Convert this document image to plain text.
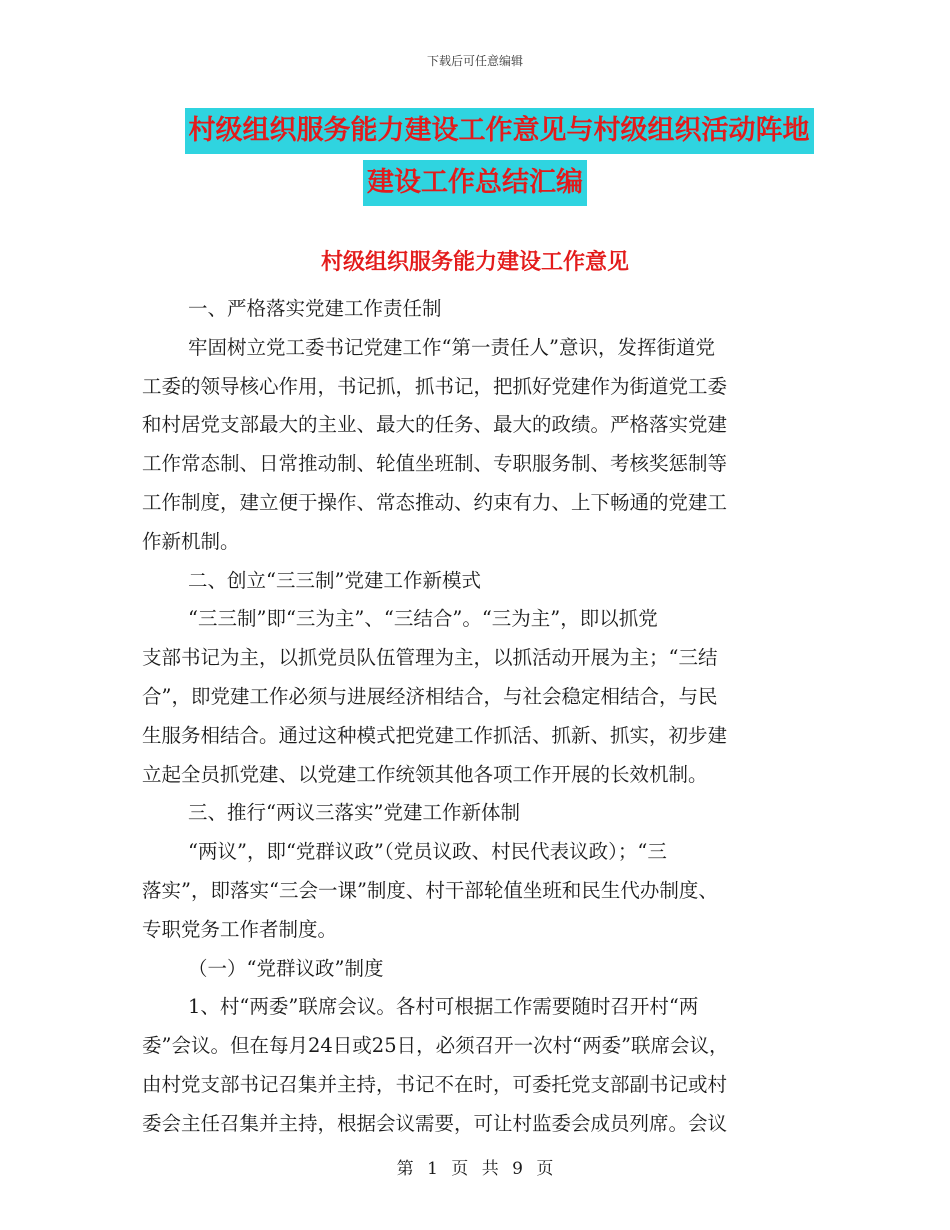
下载后可任意编辑
村级组织服务能力建设工作意见与村级组织活动阵地
建设工作总结汇编
村级组织服务能力建设工作意见
一、严格落实党建工作责任制
牢固树立党工委书记党建工作“第一责任人”意识，发挥街道党
工委的领导核心作用，书记抓，抓书记，把抓好党建作为街道党工委
和村居党支部最大的主业、最大的任务、最大的政绩。严格落实党建
工作常态制、日常推动制、轮值坐班制、专职服务制、考核奖惩制等
工作制度，建立便于操作、常态推动、约束有力、上下畅通的党建工
作新机制。
二、创立“三三制”党建工作新模式
“三三制”即“三为主”、“三结合”。“三为主”，即以抓党
支部书记为主，以抓党员队伍管理为主，以抓活动开展为主；“三结
合”，即党建工作必须与进展经济相结合，与社会稳定相结合，与民
生服务相结合。通过这种模式把党建工作抓活、抓新、抓实，初步建
立起全员抓党建、以党建工作统领其他各项工作开展的长效机制。
三、推行“两议三落实”党建工作新体制
“两议”，即“党群议政”（党员议政、村民代表议政）；“三
落实”，即落实“三会一课”制度、村干部轮值坐班和民生代办制度、
专职党务工作者制度。
（一）“党群议政”制度
1、村“两委”联席会议。各村可根据工作需要随时召开村“两
委”会议。但在每月24日或25日，必须召开一次村“两委”联席会议，
由村党支部书记召集并主持，书记不在时，可委托党支部副书记或村
委会主任召集并主持，根据会议需要，可让村监委会成员列席。会议
第 1 页 共 9 页
